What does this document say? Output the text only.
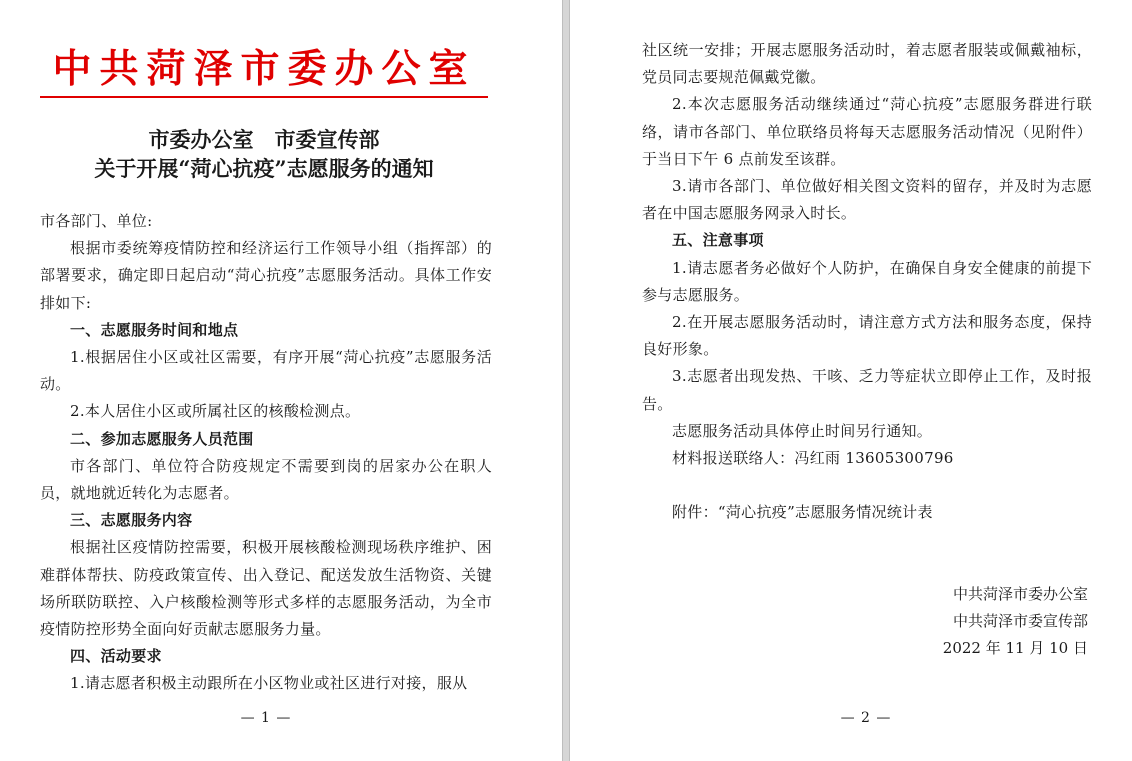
中共菏泽市委办公室
市委办公室　市委宣传部
关于开展“菏心抗疫”志愿服务的通知

市各部门、单位:

根据市委统筹疫情防控和经济运行工作领导小组（指挥部）的部署要求，确定即日起启动“菏心抗疫”志愿服务活动。具体工作安排如下:

一、志愿服务时间和地点

1.根据居住小区或社区需要，有序开展“菏心抗疫”志愿服务活动。

2.本人居住小区或所属社区的核酸检测点。

二、参加志愿服务人员范围

市各部门、单位符合防疫规定不需要到岗的居家办公在职人员，就地就近转化为志愿者。

三、志愿服务内容

根据社区疫情防控需要，积极开展核酸检测现场秩序维护、困难群体帮扶、防疫政策宣传、出入登记、配送发放生活物资、关键场所联防联控、入户核酸检测等形式多样的志愿服务活动，为全市疫情防控形势全面向好贡献志愿服务力量。

四、活动要求

1.请志愿者积极主动跟所在小区物业或社区进行对接，服从

— 1 —

社区统一安排；开展志愿服务活动时，着志愿者服装或佩戴袖标，党员同志要规范佩戴党徽。

2.本次志愿服务活动继续通过“菏心抗疫”志愿服务群进行联络，请市各部门、单位联络员将每天志愿服务活动情况（见附件）于当日下午 6 点前发至该群。

3.请市各部门、单位做好相关图文资料的留存，并及时为志愿者在中国志愿服务网录入时长。

五、注意事项

1.请志愿者务必做好个人防护，在确保自身安全健康的前提下参与志愿服务。

2.在开展志愿服务活动时，请注意方式方法和服务态度，保持良好形象。

3.志愿者出现发热、干咳、乏力等症状立即停止工作，及时报告。

志愿服务活动具体停止时间另行通知。

材料报送联络人：冯红雨 13605300796

附件：“菏心抗疫”志愿服务情况统计表

中共菏泽市委办公室
中共菏泽市委宣传部
2022 年 11 月 10 日
— 2 —
